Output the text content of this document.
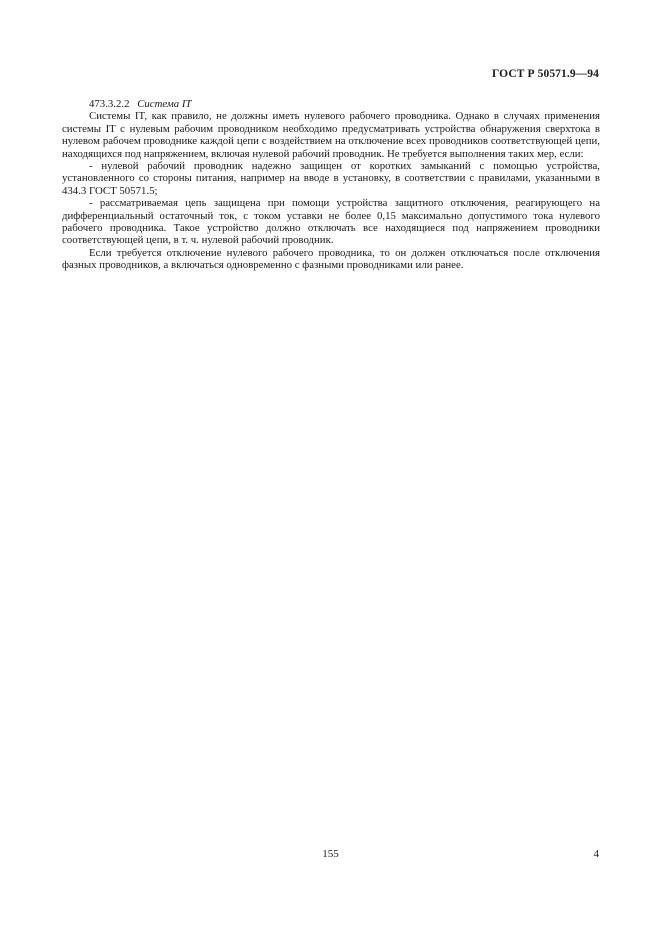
ГОСТ Р 50571.9—94

473.3.2.2 Система IT

Системы IT, как правило, не должны иметь нулевого рабочего проводника. Однако в случаях применения системы IT с нулевым рабочим проводником необходимо предусматривать устройства обнаружения сверхтока в нулевом рабочем проводнике каждой цепи с воздействием на отключение всех проводников соответствующей цепи, находящихся под напряжением, включая нулевой рабочий проводник. Не требуется выполнения таких мер, если:

- нулевой рабочий проводник надежно защищен от коротких замыканий с помощью устройства, установленного со стороны питания, например на вводе в установку, в соответствии с правилами, указанными в 434.3 ГОСТ 50571.5;

- рассматриваемая цепь защищена при помощи устройства защитного отключения, реагирующего на дифференциальный остаточный ток, с током уставки не более 0,15 максимально допустимого тока нулевого рабочего проводника. Такое устройство должно отключать все находящиеся под напряжением проводники соответствующей цепи, в т. ч. нулевой рабочий проводник.

Если требуется отключение нулевого рабочего проводника, то он должен отключаться после отключения фазных проводников, а включаться одновременно с фазными проводниками или ранее.

155	4
